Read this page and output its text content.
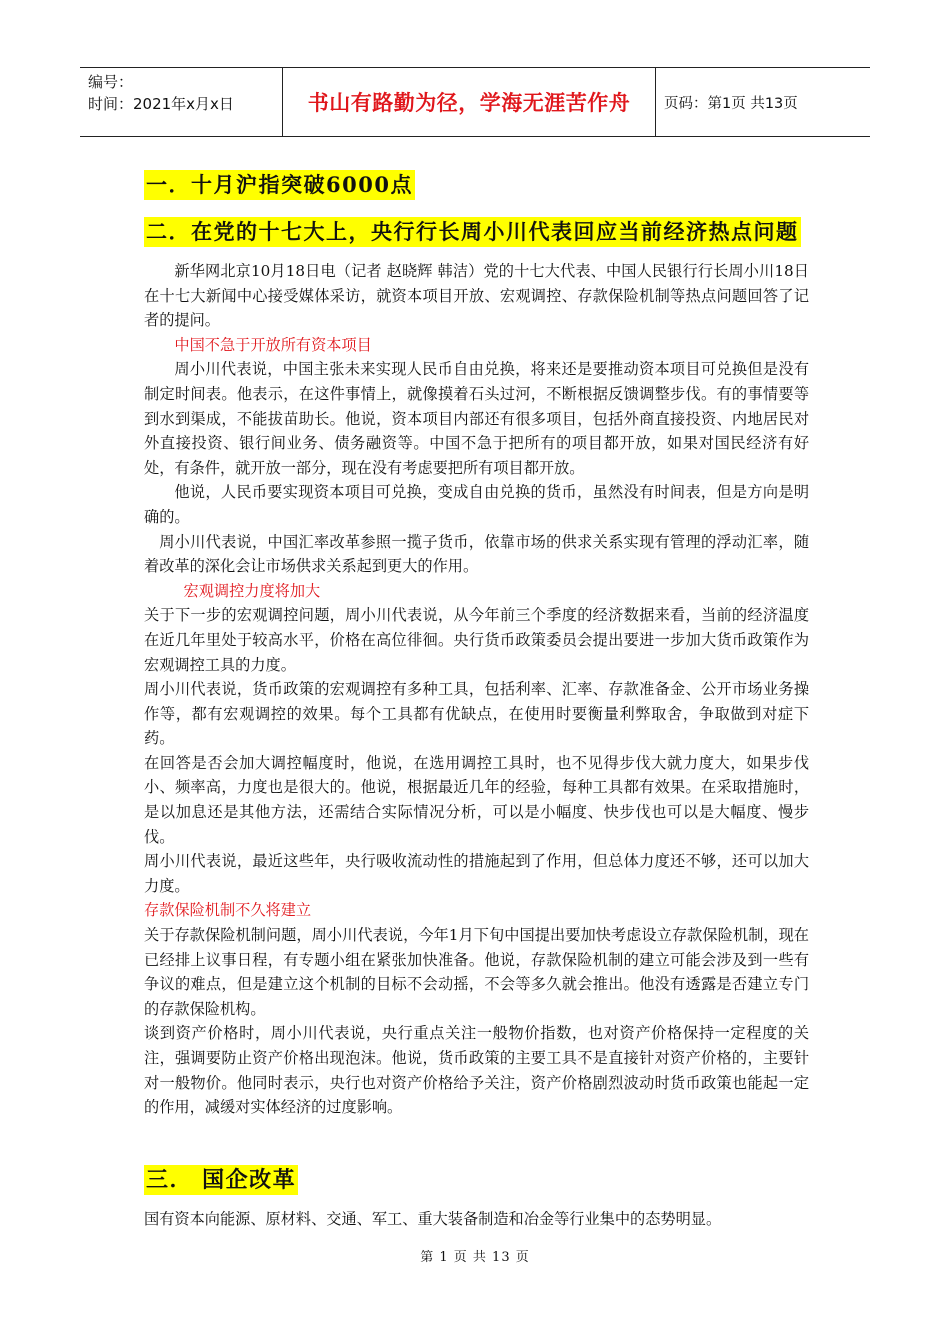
编号：
时间：2021年x月x日	书山有路勤为径，学海无涯苦作舟	页码：第1页 共13页
一．十月沪指突破6000点
二．在党的十七大上，央行行长周小川代表回应当前经济热点问题

新华网北京10月18日电（记者 赵晓辉 韩洁）党的十七大代表、中国人民银行行长周小川18日在十七大新闻中心接受媒体采访，就资本项目开放、宏观调控、存款保险机制等热点问题回答了记者的提问。

中国不急于开放所有资本项目

周小川代表说，中国主张未来实现人民币自由兑换，将来还是要推动资本项目可兑换但是没有制定时间表。他表示，在这件事情上，就像摸着石头过河，不断根据反馈调整步伐。有的事情要等到水到渠成，不能拔苗助长。他说，资本项目内部还有很多项目，包括外商直接投资、内地居民对外直接投资、银行间业务、债务融资等。中国不急于把所有的项目都开放，如果对国民经济有好处，有条件，就开放一部分，现在没有考虑要把所有项目都开放。

他说，人民币要实现资本项目可兑换，变成自由兑换的货币，虽然没有时间表，但是方向是明确的。

周小川代表说，中国汇率改革参照一揽子货币，依靠市场的供求关系实现有管理的浮动汇率，随着改革的深化会让市场供求关系起到更大的作用。

宏观调控力度将加大

关于下一步的宏观调控问题，周小川代表说，从今年前三个季度的经济数据来看，当前的经济温度在近几年里处于较高水平，价格在高位徘徊。央行货币政策委员会提出要进一步加大货币政策作为宏观调控工具的力度。

周小川代表说，货币政策的宏观调控有多种工具，包括利率、汇率、存款准备金、公开市场业务操作等，都有宏观调控的效果。每个工具都有优缺点，在使用时要衡量利弊取舍，争取做到对症下药。

在回答是否会加大调控幅度时，他说，在选用调控工具时，也不见得步伐大就力度大，如果步伐小、频率高，力度也是很大的。他说，根据最近几年的经验，每种工具都有效果。在采取措施时，是以加息还是其他方法，还需结合实际情况分析，可以是小幅度、快步伐也可以是大幅度、慢步伐。

周小川代表说，最近这些年，央行吸收流动性的措施起到了作用，但总体力度还不够，还可以加大力度。

存款保险机制不久将建立

关于存款保险机制问题，周小川代表说，今年1月下旬中国提出要加快考虑设立存款保险机制，现在已经排上议事日程，有专题小组在紧张加快准备。他说，存款保险机制的建立可能会涉及到一些有争议的难点，但是建立这个机制的目标不会动摇，不会等多久就会推出。他没有透露是否建立专门的存款保险机构。

谈到资产价格时，周小川代表说，央行重点关注一般物价指数，也对资产价格保持一定程度的关注，强调要防止资产价格出现泡沫。他说，货币政策的主要工具不是直接针对资产价格的，主要针对一般物价。他同时表示，央行也对资产价格给予关注，资产价格剧烈波动时货币政策也能起一定的作用，减缓对实体经济的过度影响。

三． 国企改革
国有资本向能源、原材料、交通、军工、重大装备制造和冶金等行业集中的态势明显。
第 1 页 共 13 页
